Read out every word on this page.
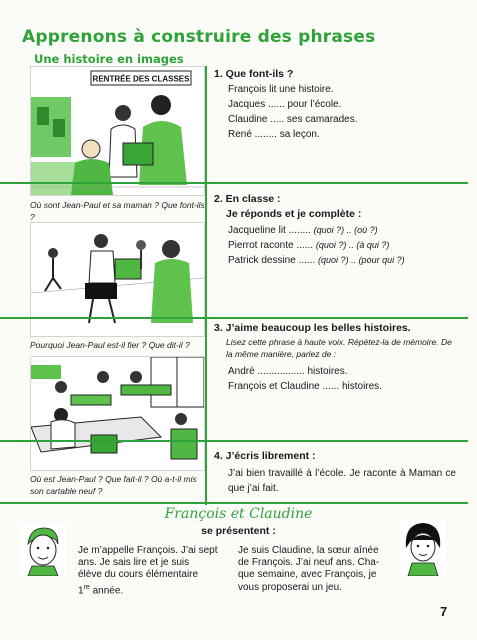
Apprenons à construire des phrases
Une histoire en images
RENTRÉE DES CLASSES
Où sont Jean-Paul et sa maman ? Que font-ils ?
Pourquoi Jean-Paul est-il fier ? Que dit-il ?
Où est Jean-Paul ? Que fait-il ? Où a-t-il mis son cartable neuf ?
1. Que font-ils ?
François lit une histoire.
Jacques ...... pour l’école.
Claudine ..... ses camarades.
René ........ sa leçon.
2. En classe :
Je réponds et je complète :
Jacqueline lit ........ (quoi ?) .. (où ?)
Pierrot raconte ...... (quoi ?) .. (à qui ?)
Patrick dessine ...... (quoi ?) .. (pour qui ?)
3. J’aime beaucoup les belles histoires.
Lisez cette phrase à haute voix. Répétez-la de mémoire. De la même manière, parlez de :
André ................. histoires.
François et Claudine ...... histoires.
4. J’écris librement :
J’ai bien travaillé à l’école. Je raconte à Maman ce que j’ai fait.
François et Claudine
se présentent :
Je m’appelle François. J’ai sept
ans. Je sais lire et je suis
élève du cours élémentaire
1re année.
Je suis Claudine, la sœur aînée
de François. J’ai neuf ans. Cha-
que semaine, avec François, je
vous proposerai un jeu.
7
